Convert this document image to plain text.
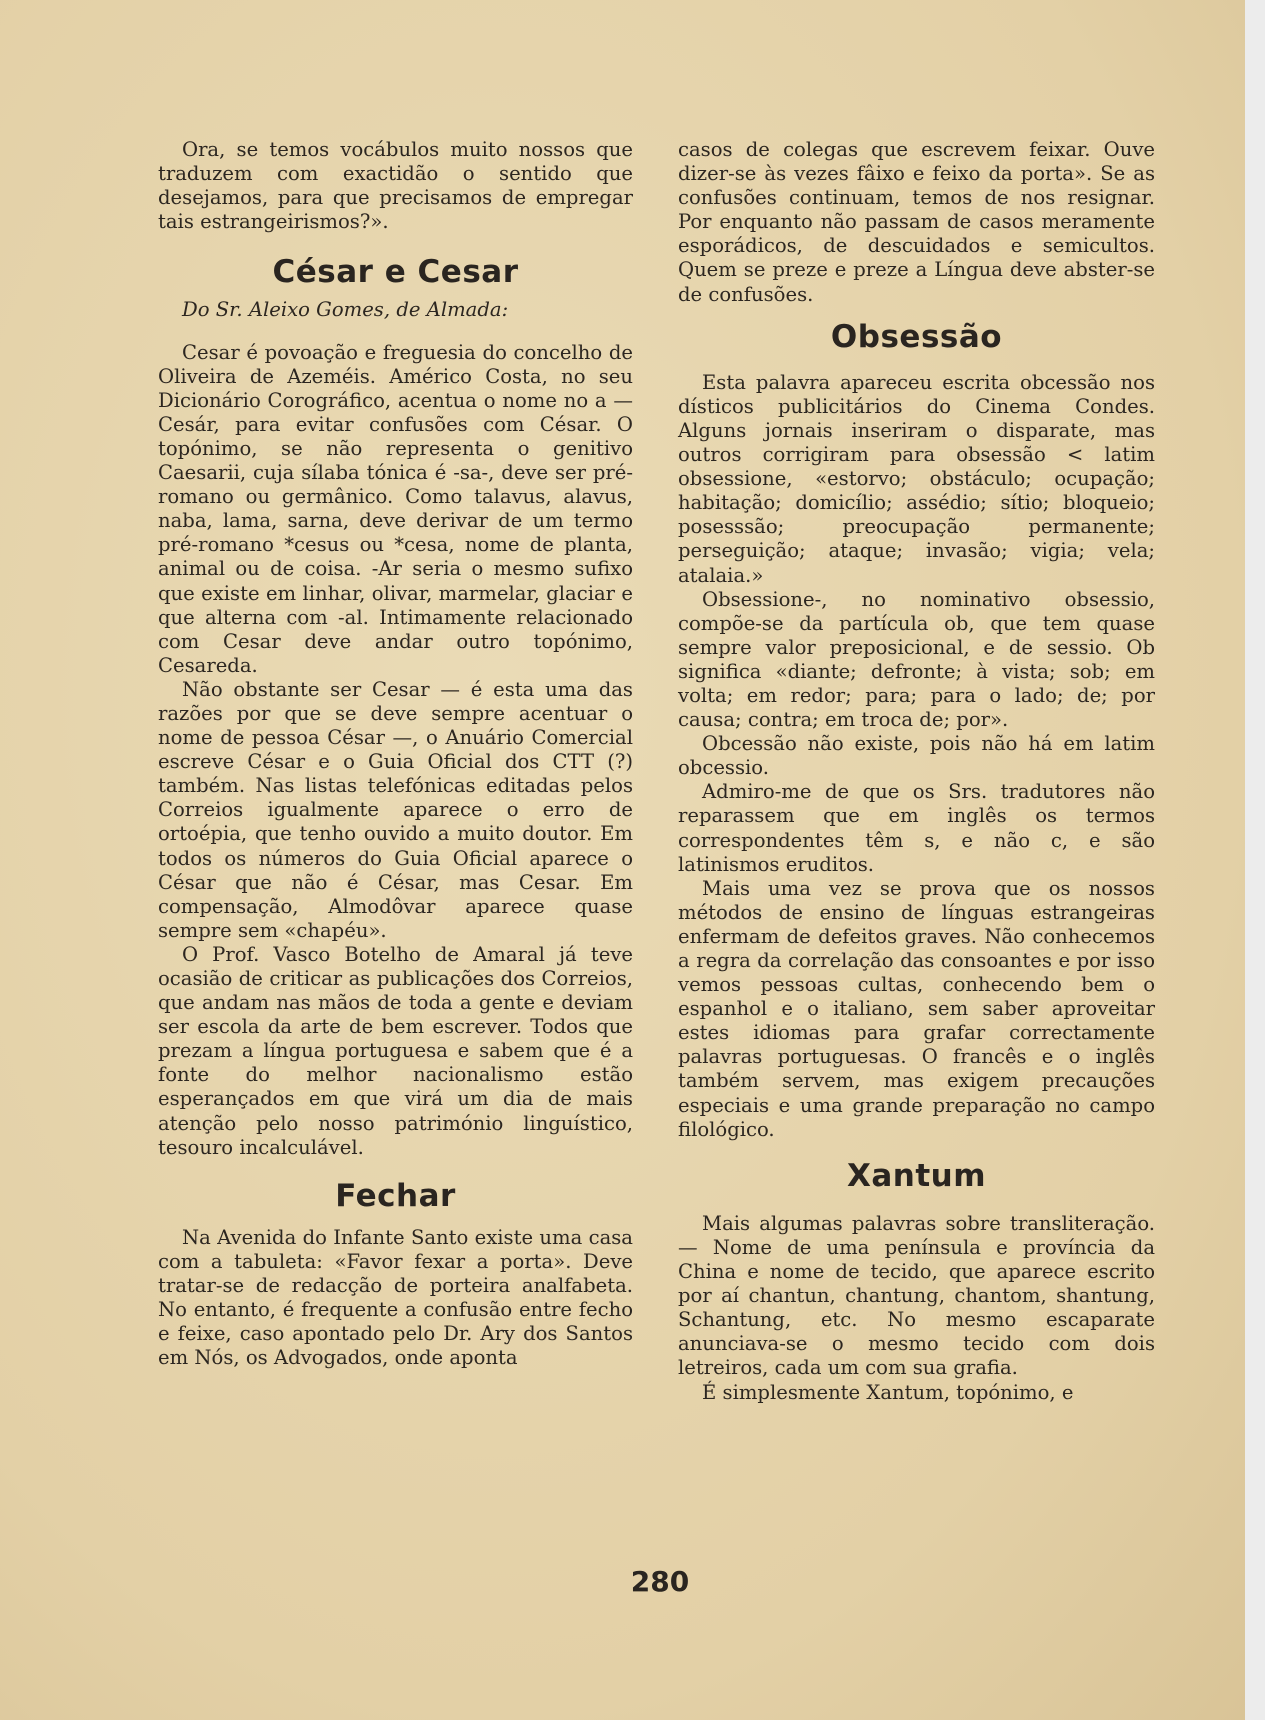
Ora, se temos vocábulos muito nossos que traduzem com exactidão o sentido que desejamos, para que precisamos de empregar tais estrangeirismos?».

César e Cesar

Do Sr. Aleixo Gomes, de Almada:

Cesar é povoação e freguesia do concelho de Oliveira de Azeméis. Américo Costa, no seu Dicionário Corográfico, acentua o nome no a — Cesár, para evitar confusões com César. O topónimo, se não representa o genitivo Caesarii, cuja sílaba tónica é -sa-, deve ser pré-romano ou germânico. Como talavus, alavus, naba, lama, sarna, deve derivar de um termo pré-romano *cesus ou *cesa, nome de planta, animal ou de coisa. -Ar seria o mesmo sufixo que existe em linhar, olivar, marmelar, glaciar e que alterna com -al. Intimamente relacionado com Cesar deve andar outro topónimo, Cesareda.

Não obstante ser Cesar — é esta uma das razões por que se deve sempre acentuar o nome de pessoa César —, o Anuário Comercial escreve César e o Guia Oficial dos CTT (?) também. Nas listas telefónicas editadas pelos Correios igualmente aparece o erro de ortoépia, que tenho ouvido a muito doutor. Em todos os números do Guia Oficial aparece o César que não é César, mas Cesar. Em compensação, Almodôvar aparece quase sempre sem «chapéu».

O Prof. Vasco Botelho de Amaral já teve ocasião de criticar as publicações dos Correios, que andam nas mãos de toda a gente e deviam ser escola da arte de bem escrever. Todos que prezam a língua portuguesa e sabem que é a fonte do melhor nacionalismo estão esperançados em que virá um dia de mais atenção pelo nosso património linguístico, tesouro incalculável.

Fechar

Na Avenida do Infante Santo existe uma casa com a tabuleta: «Favor fexar a porta». Deve tratar-se de redacção de porteira analfabeta. No entanto, é frequente a confusão entre fecho e feixe, caso apontado pelo Dr. Ary dos Santos em Nós, os Advogados, onde aponta

casos de colegas que escrevem feixar. Ouve dizer-se às vezes fâixo e feixo da porta». Se as confusões continuam, temos de nos resignar. Por enquanto não passam de casos meramente esporádicos, de descuidados e semicultos. Quem se preze e preze a Língua deve abster-se de confusões.

Obsessão

Esta palavra apareceu escrita obcessão nos dísticos publicitários do Cinema Condes. Alguns jornais inseriram o disparate, mas outros corrigiram para obsessão < latim obsessione, «estorvo; obstáculo; ocupação; habitação; domicílio; assédio; sítio; bloqueio; posesssão; preocupação permanente; perseguição; ataque; invasão; vigia; vela; atalaia.»

Obsessione-, no nominativo obsessio, compõe-se da partícula ob, que tem quase sempre valor preposicional, e de sessio. Ob significa «diante; defronte; à vista; sob; em volta; em redor; para; para o lado; de; por causa; contra; em troca de; por».

Obcessão não existe, pois não há em latim obcessio.

Admiro-me de que os Srs. tradutores não reparassem que em inglês os termos correspondentes têm s, e não c, e são latinismos eruditos.

Mais uma vez se prova que os nossos métodos de ensino de línguas estrangeiras enfermam de defeitos graves. Não conhecemos a regra da correlação das consoantes e por isso vemos pessoas cultas, conhecendo bem o espanhol e o italiano, sem saber aproveitar estes idiomas para grafar correctamente palavras portuguesas. O francês e o inglês também servem, mas exigem precauções especiais e uma grande preparação no campo filológico.

Xantum

Mais algumas palavras sobre transliteração. — Nome de uma península e província da China e nome de tecido, que aparece escrito por aí chantun, chantung, chantom, shantung, Schantung, etc. No mesmo escaparate anunciava-se o mesmo tecido com dois letreiros, cada um com sua grafia.

É simplesmente Xantum, topónimo, e

280
